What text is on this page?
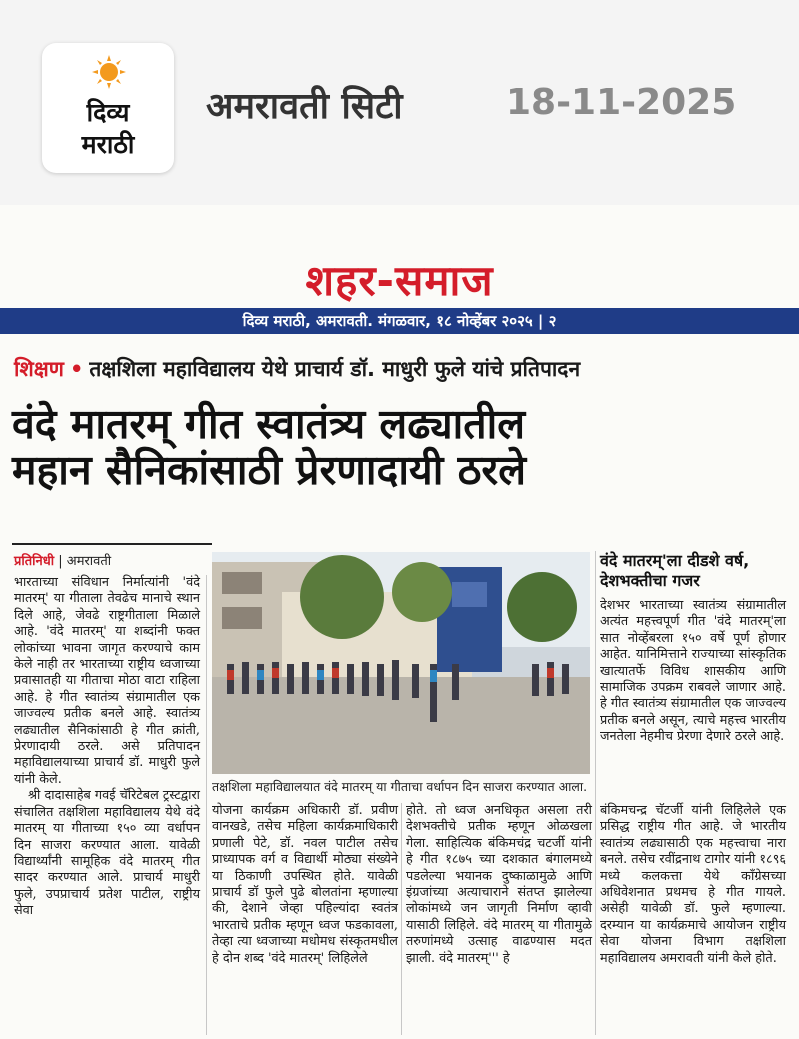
दिव्य
मराठी
अमरावती सिटी	18-11-2025
शहर-समाज
दिव्य मराठी, अमरावती. मंगळवार, १८ नोव्हेंबर २०२५ | २
शिक्षण • तक्षशिला महाविद्यालय येथे प्राचार्य डॉ. माधुरी फुले यांचे प्रतिपादन
वंदे मातरम् गीत स्वातंत्र्य लढ्यातील
महान सैनिकांसाठी प्रेरणादायी ठरले
प्रतिनिधी | अमरावती

भारताच्या संविधान निर्मात्यांनी 'वंदे मातरम्' या गीताला तेवढेच मानाचे स्थान दिले आहे, जेवढे राष्ट्रगीताला मिळाले आहे. 'वंदे मातरम्' या शब्दांनी फक्त लोकांच्या भावना जागृत करण्याचे काम केले नाही तर भारताच्या राष्ट्रीय ध्वजाच्या प्रवासातही या गीताचा मोठा वाटा राहिला आहे. हे गीत स्वातंत्र्य संग्रामातील एक जाज्वल्य प्रतीक बनले आहे. स्वातंत्र्य लढ्यातील सैनिकांसाठी हे गीत क्रांती, प्रेरणादायी ठरले. असे प्रतिपादन महाविद्यालयाच्या प्राचार्य डॉ. माधुरी फुले यांनी केले.

श्री दादासाहेब गवई चॅरिटेबल ट्रस्टद्वारा संचालित तक्षशिला महाविद्यालय येथे वंदे मातरम् या गीताच्या १५० व्या वर्धापन दिन साजरा करण्यात आला. यावेळी विद्यार्थ्यांनी सामूहिक वंदे मातरम् गीत सादर करण्यात आले. प्राचार्य माधुरी फुले, उपप्राचार्य प्रतेश पाटील, राष्ट्रीय सेवा

तक्षशिला महाविद्यालयात वंदे मातरम् या गीताचा वर्धापन दिन साजरा करण्यात आला.
वंदे मातरम्'ला दीडशे वर्ष, देशभक्तीचा गजर
देशभर भारताच्या स्वातंत्र्य संग्रामातील अत्यंत महत्त्वपूर्ण गीत 'वंदे मातरम्'ला सात नोव्हेंबरला १५० वर्षे पूर्ण होणार आहेत. यानिमित्ताने राज्याच्या सांस्कृतिक खात्यातर्फे विविध शासकीय आणि सामाजिक उपक्रम राबवले जाणार आहे. हे गीत स्वातंत्र्य संग्रामातील एक जाज्वल्य प्रतीक बनले असून, त्याचे महत्त्व भारतीय जनतेला नेहमीच प्रेरणा देणारे ठरले आहे.
योजना कार्यक्रम अधिकारी डॉ. प्रवीण वानखडे, तसेच महिला कार्यक्रमाधिकारी प्रणाली पेटे, डॉ. नवल पाटील तसेच प्राध्यापक वर्ग व विद्यार्थी मोठ्या संख्येने या ठिकाणी उपस्थित होते. यावेळी प्राचार्य डॉ फुले पुढे बोलतांना म्हणाल्या की, देशाने जेव्हा पहिल्यांदा स्वतंत्र भारताचे प्रतीक म्हणून ध्वज फडकावला, तेव्हा त्या ध्वजाच्या मधोमध संस्कृतमधील हे दोन शब्द 'वंदे मातरम्' लिहिलेले
होते. तो ध्वज अनधिकृत असला तरी देशभक्तीचे प्रतीक म्हणून ओळखला गेला. साहित्यिक बंकिमचंद्र चटर्जी यांनी हे गीत १८७५ च्या दशकात बंगालमध्ये पडलेल्या भयानक दुष्काळामुळे आणि इंग्रजांच्या अत्याचाराने संतप्त झालेल्या लोकांमध्ये जन जागृती निर्माण व्हावी यासाठी लिहिले. वंदे मातरम् या गीतामुळे तरुणांमध्ये उत्साह वाढण्यास मदत झाली. वंदे मातरम्''' हे
बंकिमचन्द्र चॅटर्जी यांनी लिहिलेले एक प्रसिद्ध राष्ट्रीय गीत आहे. जे भारतीय स्वातंत्र्य लढ्यासाठी एक महत्त्वाचा नारा बनले. तसेच रवींद्रनाथ टागोर यांनी १८९६ मध्ये कलकत्ता येथे काँग्रेसच्या अधिवेशनात प्रथमच हे गीत गायले. असेही यावेळी डॉ. फुले म्हणाल्या. दरम्यान या कार्यक्रमाचे आयोजन राष्ट्रीय सेवा योजना विभाग तक्षशिला महाविद्यालय अमरावती यांनी केले होते.
